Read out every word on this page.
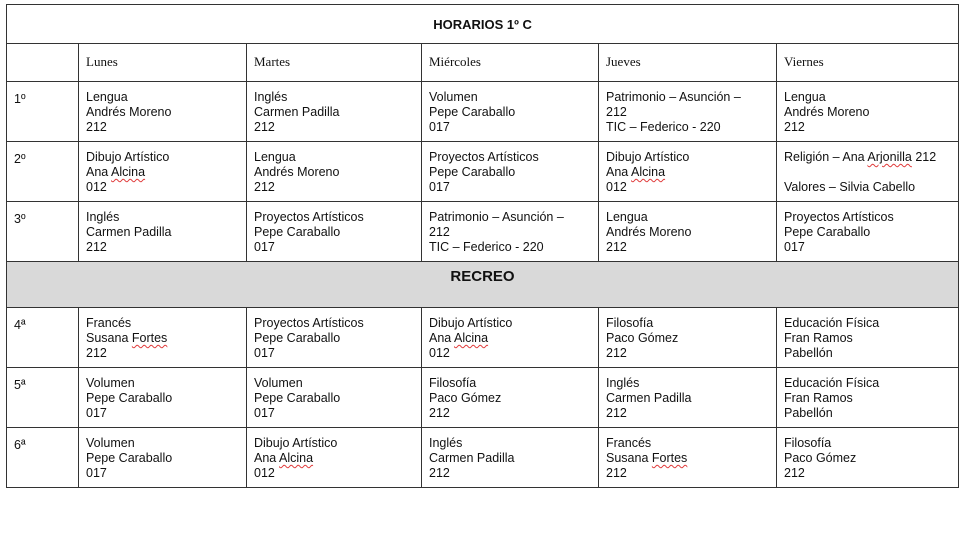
HORARIOS 1º C					
	Lunes	Martes	Miércoles	Jueves	Viernes
1º	Lengua
Andrés Moreno
212	Inglés
Carmen Padilla
212	Volumen
Pepe Caraballo
017	Patrimonio – Asunción –
212
TIC – Federico - 220	Lengua
Andrés Moreno
212

2º	Dibujo Artístico
Ana Alcina
012	Lengua
Andrés Moreno
212	Proyectos Artísticos
Pepe Caraballo
017	Dibujo Artístico
Ana Alcina
012	Religión – Ana Arjonilla 212
Valores – Silvia Cabello

3º	Inglés
Carmen Padilla
212	Proyectos Artísticos
Pepe Caraballo
017	Patrimonio – Asunción –
212
TIC – Federico - 220	Lengua
Andrés Moreno
212	Proyectos Artísticos
Pepe Caraballo
017

RECREO					
4ª	Francés
Susana Fortes
212	Proyectos Artísticos
Pepe Caraballo
017	Dibujo Artístico
Ana Alcina
012	Filosofía
Paco Gómez
212	Educación Física
Fran Ramos
Pabellón

5ª	Volumen
Pepe Caraballo
017	Volumen
Pepe Caraballo
017	Filosofía
Paco Gómez
212	Inglés
Carmen Padilla
212	Educación Física
Fran Ramos
Pabellón

6ª	Volumen
Pepe Caraballo
017	Dibujo Artístico
Ana Alcina
012	Inglés
Carmen Padilla
212	Francés
Susana Fortes
212	Filosofía
Paco Gómez
212
